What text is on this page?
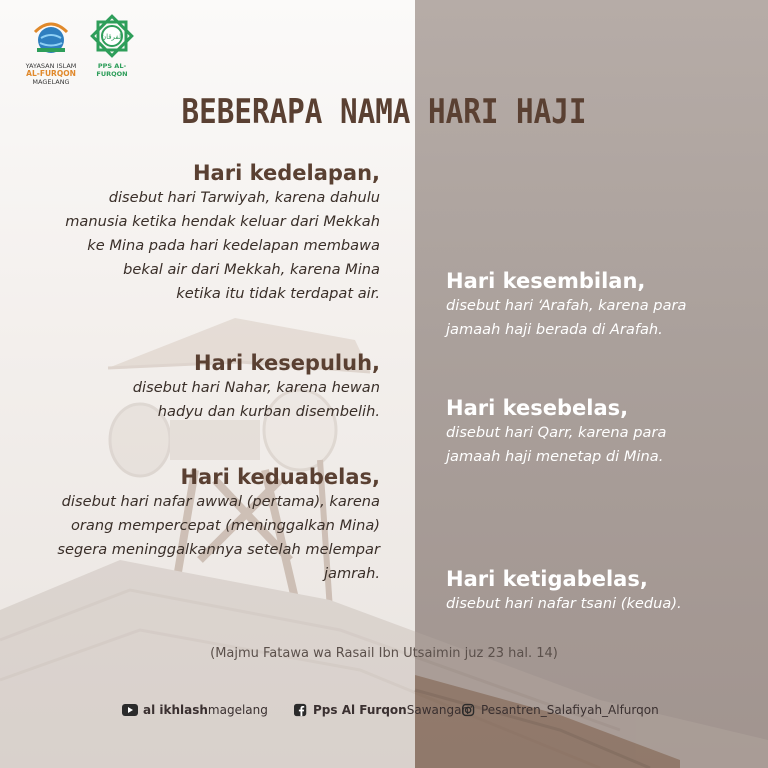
YAYASAN ISLAM
AL-FURQON
MAGELANG
الفرقان
PPS AL-FURQON
BEBERAPA NAMA HARI HAJI
Hari kedelapan,
disebut hari Tarwiyah, karena dahulu
manusia ketika hendak keluar dari Mekkah
ke Mina pada hari kedelapan membawa
bekal air dari Mekkah, karena Mina
ketika itu tidak terdapat air.
Hari kesepuluh,
disebut hari Nahar, karena hewan
hadyu dan kurban disembelih.
Hari keduabelas,
disebut hari nafar awwal (pertama), karena
orang mempercepat (meninggalkan Mina)
segera meninggalkannya setelah melempar
jamrah.
Hari kesembilan,
disebut hari ‘Arafah, karena para
jamaah haji berada di Arafah.
Hari kesebelas,
disebut hari Qarr, karena para
jamaah haji menetap di Mina.
Hari ketigabelas,
disebut hari nafar tsani (kedua).
(Majmu Fatawa wa Rasail Ibn Utsaimin juz 23 hal. 14)
al ikhlash magelang	Pps Al Furqon Sawangan Pesantren_Salafiyah_Alfurqon
